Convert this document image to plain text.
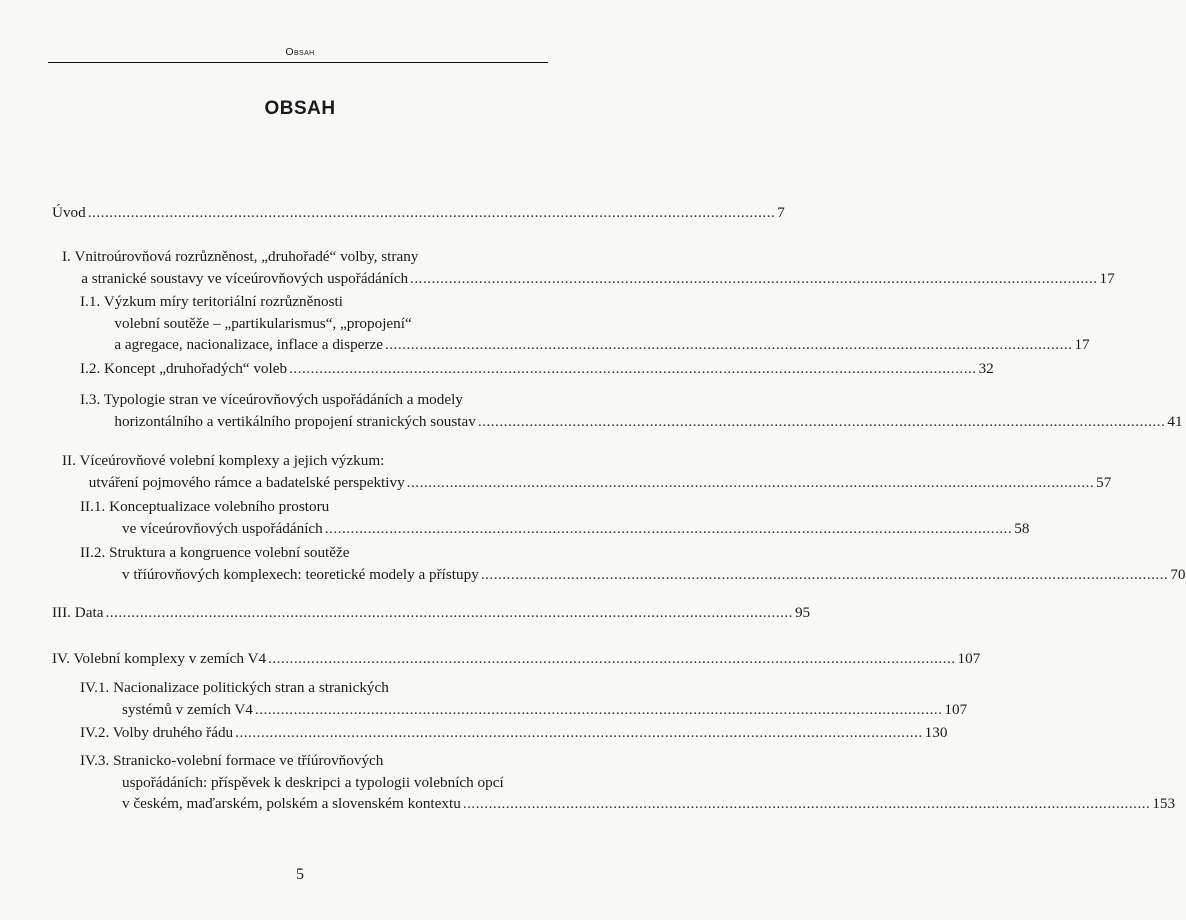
Obsah
OBSAH
Úvod ................................................................................................................................................................ 7
I. Vnitroúrovňová rozrůzněnost, „druhořadé“ volby, strany
a stranické soustavy ve víceúrovňových uspořádáních ................................................................................................................................................................ 17
I.1. Výzkum míry teritoriální rozrůzněnosti
volební soutěže – „partikularismus“, „propojení“
a agregace, nacionalizace, inflace a disperze ................................................................................................................................................................ 17
I.2. Koncept „druhořadých“ voleb ................................................................................................................................................................ 32
I.3. Typologie stran ve víceúrovňových uspořádáních a modely
horizontálního a vertikálního propojení stranických soustav ................................................................................................................................................................ 41
II. Víceúrovňové volební komplexy a jejich výzkum:
utváření pojmového rámce a badatelské perspektivy ................................................................................................................................................................ 57
II.1. Konceptualizace volebního prostoru
ve víceúrovňových uspořádáních ................................................................................................................................................................ 58
II.2. Struktura a kongruence volební soutěže
v tříúrovňových komplexech: teoretické modely a přístupy ................................................................................................................................................................ 70
III. Data ................................................................................................................................................................ 95
IV. Volební komplexy v zemích V4 ................................................................................................................................................................ 107
IV.1. Nacionalizace politických stran a stranických
systémů v zemích V4 ................................................................................................................................................................ 107
IV.2. Volby druhého řádu ................................................................................................................................................................ 130
IV.3. Stranicko-volební formace ve tříúrovňových
uspořádáních: příspěvek k deskripci a typologii volebních opcí
v českém, maďarském, polském a slovenském kontextu ................................................................................................................................................................ 153
5
